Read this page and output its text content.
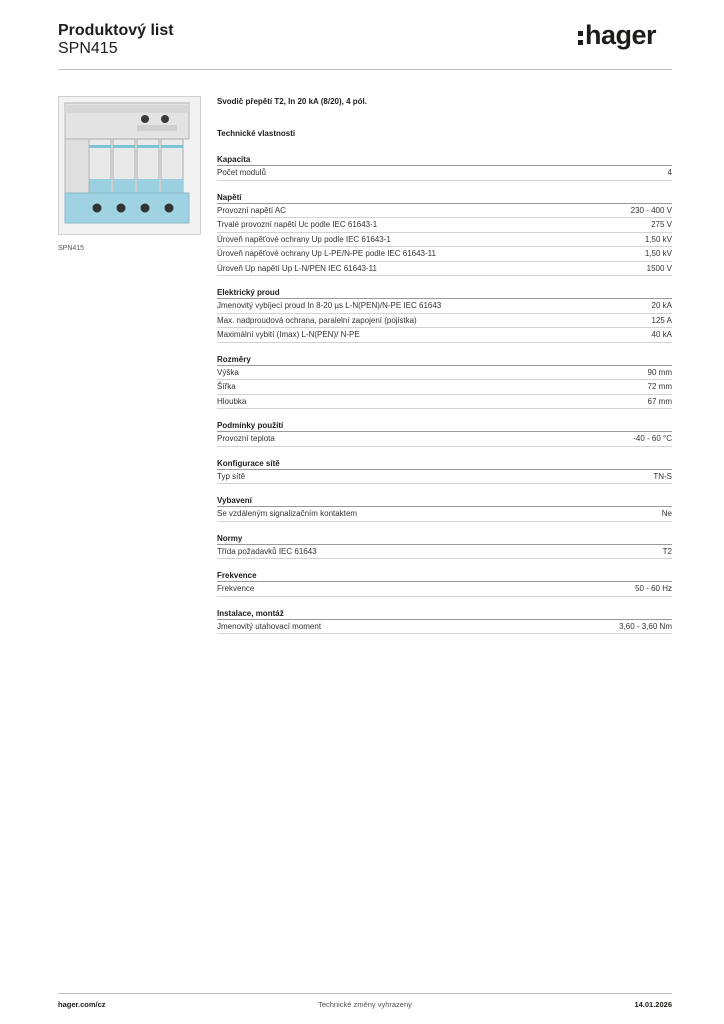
Produktový list
SPN415	hager
SPN415
Svodič přepětí T2, In 20 kA (8/20), 4 pól.
Technické vlastnosti
Kapacita
Počet modulů	4
Napětí
Provozní napětí AC	230 - 400 V
Trvalé provozní napětí Uc podle IEC 61643-1	275 V
Úroveň napěťové ochrany Up podle IEC 61643-1	1,50 kV
Úroveň napěťové ochrany Up L-PE/N-PE podle IEC 61643-11	1,50 kV
Úroveň Up napětí Up L-N/PEN IEC 61643-11	1500 V
Elektrický proud
Jmenovitý vybíjecí proud In 8-20 µs L-N(PEN)/N-PE IEC 61643	20 kA
Max. nadproudová ochrana, paralelní zapojení (pojistka)	125 A
Maximální vybití (Imax) L-N(PEN)/ N-PE	40 kA
Rozměry
Výška	90 mm
Šířka	72 mm
Hloubka	67 mm
Podmínky použití
Provozní teplota	-40 - 60 °C
Konfigurace sítě
Typ sítě	TN-S
Vybavení
Se vzdáleným signalizačním kontaktem	Ne
Normy
Třída požadavků IEC 61643	T2
Frekvence
Frekvence	50 - 60 Hz
Instalace, montáž
Jmenovitý utahovací moment	3,60 - 3,60 Nm
hager.com/cz	Technické změny vyhrazeny	14.01.2026
